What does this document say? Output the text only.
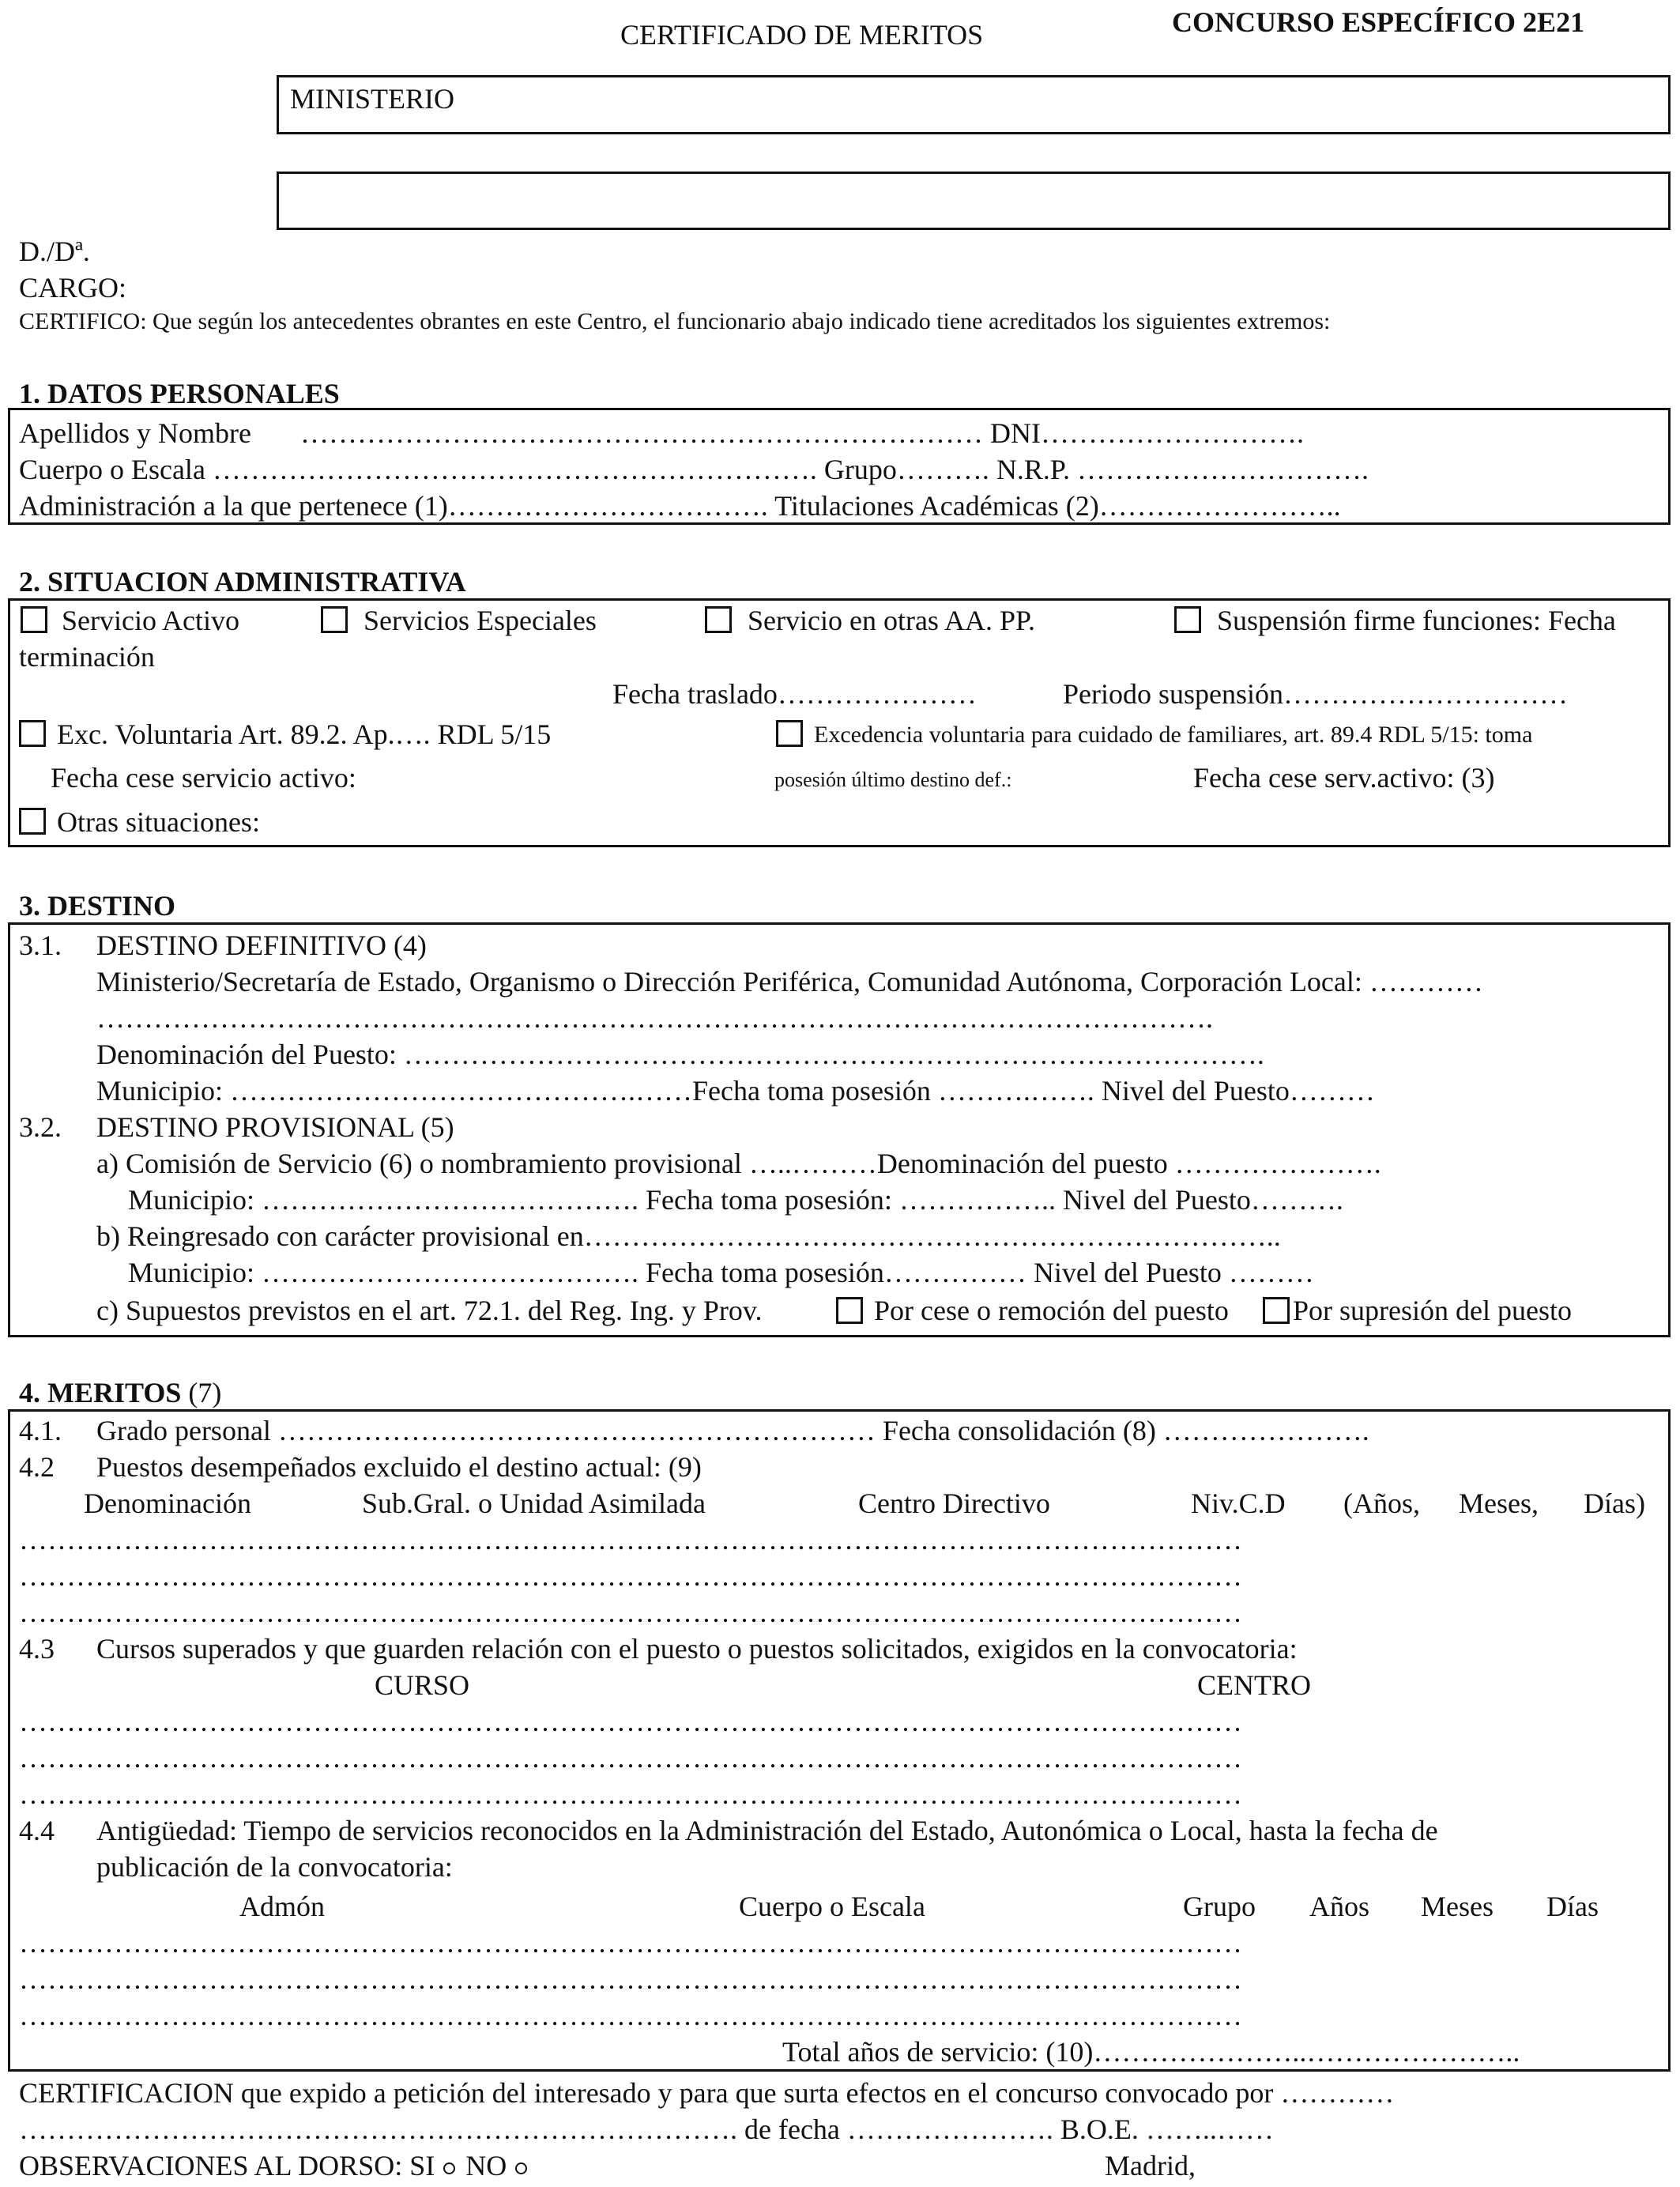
CERTIFICADO DE MERITOS	CONCURSO ESPECÍFICO 2E21
MINISTERIO
D./Dª.
CARGO:
CERTIFICO: Que según los antecedentes obrantes en este Centro, el funcionario abajo indicado tiene acreditados los siguientes extremos:
1. DATOS PERSONALES
Apellidos y Nombre ……………………………………………………………… DNI……………………….
Cuerpo o Escala ………………………………………………………. Grupo………. N.R.P. ………………………….
Administración a la que pertenece (1)……………………………. Titulaciones Académicas (2)……………………..
2. SITUACION ADMINISTRATIVA
Servicio Activo	Servicios Especiales	Servicio en otras AA. PP.	Suspensión firme funciones: Fecha
terminación
Fecha traslado…………………	Periodo suspensión…………………………
Exc. Voluntaria Art. 89.2. Ap.…. RDL 5/15	Excedencia voluntaria para cuidado de familiares, art. 89.4 RDL 5/15: toma
Fecha cese servicio activo:	posesión último destino def.:	Fecha cese serv.activo: (3)
Otras situaciones:
3. DESTINO
3.1. DESTINO DEFINITIVO (4)
Ministerio/Secretaría de Estado, Organismo o Dirección Periférica, Comunidad Autónoma, Corporación Local: …………
……………………………………………………………………………………………………….
Denominación del Puesto: ……………………………………………………………………………….
Municipio: …………………………………….……Fecha toma posesión ……….……. Nivel del Puesto………
3.2. DESTINO PROVISIONAL (5)
a) Comisión de Servicio (6) o nombramiento provisional …..………Denominación del puesto ………………….
Municipio: …………………………………. Fecha toma posesión: …………….. Nivel del Puesto……….
b) Reingresado con carácter provisional en………………………………………………………………..
Municipio: …………………………………. Fecha toma posesión…………… Nivel del Puesto ………
c) Supuestos previstos en el art. 72.1. del Reg. Ing. y Prov.	Por cese o remoción del puesto Por supresión del puesto
4. MERITOS (7)
4.1. Grado personal ……………………………………………………… Fecha consolidación (8) ………………….
4.2 Puestos desempeñados excluido el destino actual: (9)
Denominación	Sub.Gral. o Unidad Asimilada	Centro Directivo	Niv.C.D (Años, Meses, Días)
…………………………………………………………………………………………………………………
…………………………………………………………………………………………………………………
…………………………………………………………………………………………………………………
4.3 Cursos superados y que guarden relación con el puesto o puestos solicitados, exigidos en la convocatoria:
CURSO	CENTRO
…………………………………………………………………………………………………………………
…………………………………………………………………………………………………………………
…………………………………………………………………………………………………………………
4.4 Antigüedad: Tiempo de servicios reconocidos en la Administración del Estado, Autonómica o Local, hasta la fecha de
publicación de la convocatoria:
Admón	Cuerpo o Escala	Grupo Años Meses Días
…………………………………………………………………………………………………………………
…………………………………………………………………………………………………………………
…………………………………………………………………………………………………………………
Total años de servicio: (10)…………………..…………………..
CERTIFICACION que expido a petición del interesado y para que surta efectos en el concurso convocado por …………
…………………………………………………………………. de fecha …………………. B.O.E. ……..……
OBSERVACIONES AL DORSO: SI NO	Madrid,
